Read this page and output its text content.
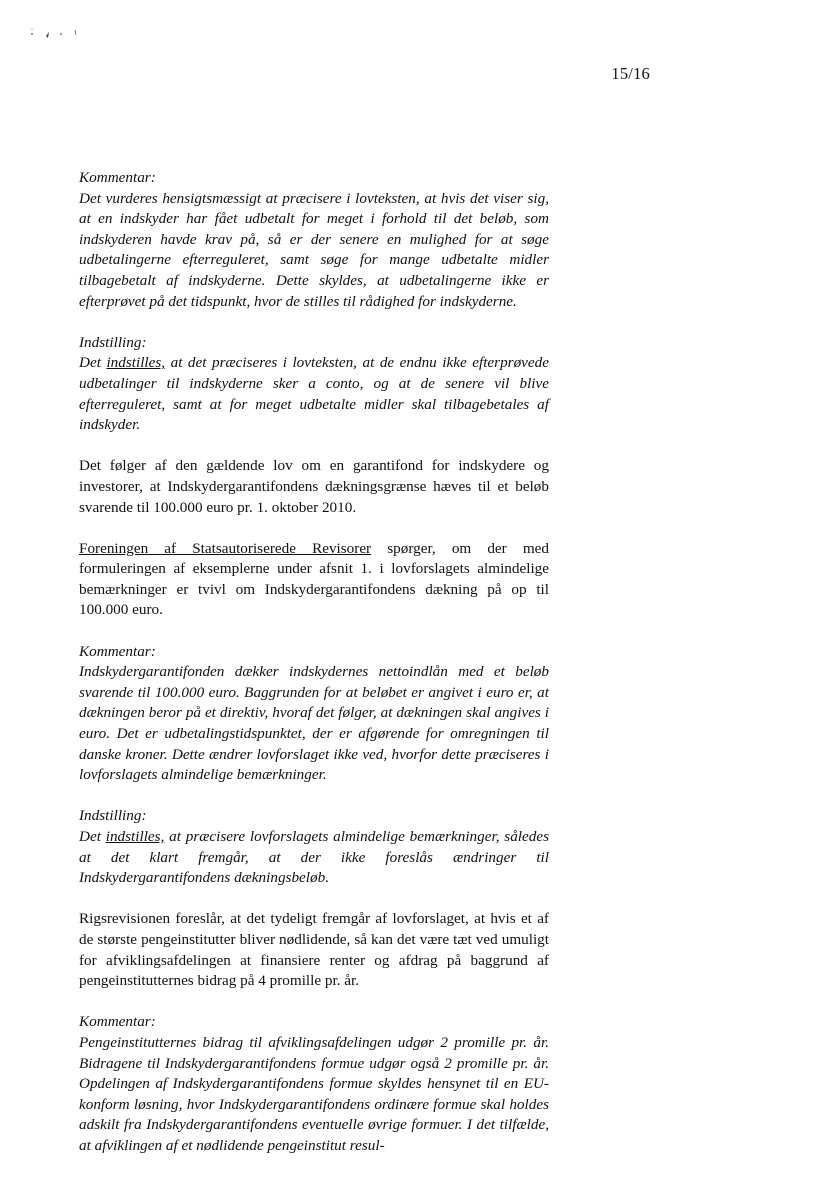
15/16
Kommentar:

Det vurderes hensigtsmæssigt at præcisere i lovteksten, at hvis det viser sig, at en indskyder har fået udbetalt for meget i forhold til det beløb, som indskyderen havde krav på, så er der senere en mulighed for at søge udbetalingerne efterreguleret, samt søge for mange udbetalte midler tilbagebetalt af indskyderne. Dette skyldes, at udbetalingerne ikke er efterprøvet på det tidspunkt, hvor de stilles til rådighed for indskyderne.

Indstilling:

Det indstilles, at det præciseres i lovteksten, at de endnu ikke efterprøvede udbetalinger til indskyderne sker a conto, og at de senere vil blive efterreguleret, samt at for meget udbetalte midler skal tilbagebetales af indskyder.

Det følger af den gældende lov om en garantifond for indskydere og investorer, at Indskydergarantifondens dækningsgrænse hæves til et beløb svarende til 100.000 euro pr. 1. oktober 2010.

Foreningen af Statsautoriserede Revisorer spørger, om der med formuleringen af eksemplerne under afsnit 1. i lovforslagets almindelige bemærkninger er tvivl om Indskydergarantifondens dækning på op til 100.000 euro.

Kommentar:

Indskydergarantifonden dækker indskydernes nettoindlån med et beløb svarende til 100.000 euro. Baggrunden for at beløbet er angivet i euro er, at dækningen beror på et direktiv, hvoraf det følger, at dækningen skal angives i euro. Det er udbetalingstidspunktet, der er afgørende for omregningen til danske kroner. Dette ændrer lovforslaget ikke ved, hvorfor dette præciseres i lovforslagets almindelige bemærkninger.

Indstilling:

Det indstilles, at præcisere lovforslagets almindelige bemærkninger, således at det klart fremgår, at der ikke foreslås ændringer til Indskydergarantifondens dækningsbeløb.

Rigsrevisionen foreslår, at det tydeligt fremgår af lovforslaget, at hvis et af de største pengeinstitutter bliver nødlidende, så kan det være tæt ved umuligt for afviklingsafdelingen at finansiere renter og afdrag på baggrund af pengeinstitutternes bidrag på 4 promille pr. år.

Kommentar:

Pengeinstitutternes bidrag til afviklingsafdelingen udgør 2 promille pr. år. Bidragene til Indskydergarantifondens formue udgør også 2 promille pr. år. Opdelingen af Indskydergarantifondens formue skyldes hensynet til en EU-konform løsning, hvor Indskydergarantifondens ordinære formue skal holdes adskilt fra Indskydergarantifondens eventuelle øvrige formuer. I det tilfælde, at afviklingen af et nødlidende pengeinstitut resul-
